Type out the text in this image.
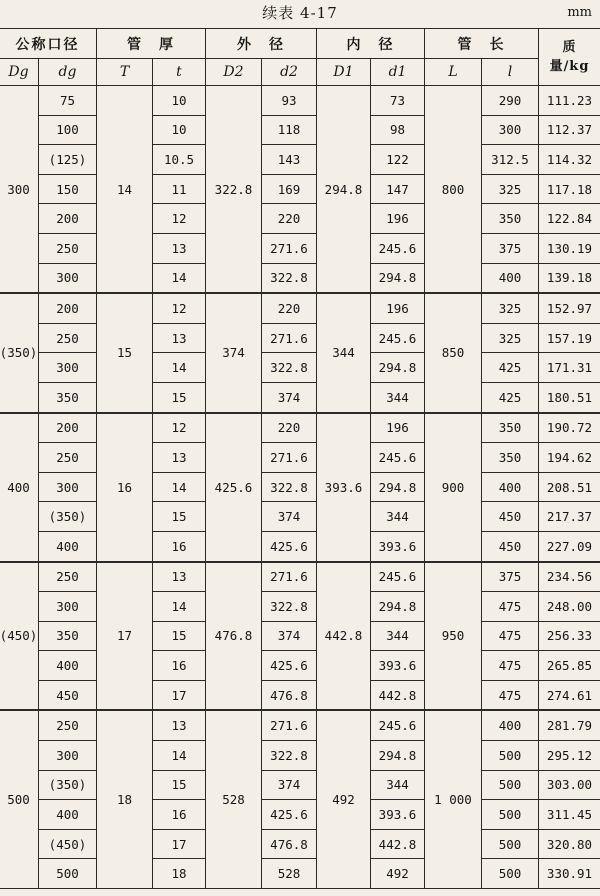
续表 4-17	mm
公称口径		管　厚		外　径		内　径		管　长		质　量/kg
Dg	dg	T	t	D2	d2	D1	d1	L	l	
300	75	14	10	322.8	93	294.8	73	800	290	111.23
	100		10		118		98		300	112.37
	(125)		10.5		143		122		312.5	114.32
	150		11		169		147		325	117.18
	200		12		220		196		350	122.84
	250		13		271.6		245.6		375	130.19
	300		14		322.8		294.8		400	139.18
(350)	200	15	12	374	220	344	196	850	325	152.97
	250		13		271.6		245.6		325	157.19
	300		14		322.8		294.8		425	171.31
	350		15		374		344		425	180.51
400	200	16	12	425.6	220	393.6	196	900	350	190.72
	250		13		271.6		245.6		350	194.62
	300		14		322.8		294.8		400	208.51
	(350)		15		374		344		450	217.37
	400		16		425.6		393.6		450	227.09
(450)	250	17	13	476.8	271.6	442.8	245.6	950	375	234.56
	300		14		322.8		294.8		475	248.00
	350		15		374		344		475	256.33
	400		16		425.6		393.6		475	265.85
	450		17		476.8		442.8		475	274.61
500	250	18	13	528	271.6	492	245.6	1 000	400	281.79
	300		14		322.8		294.8		500	295.12
	(350)		15		374		344		500	303.00
	400		16		425.6		393.6		500	311.45
	(450)		17		476.8		442.8		500	320.80
	500		18		528		492		500	330.91
